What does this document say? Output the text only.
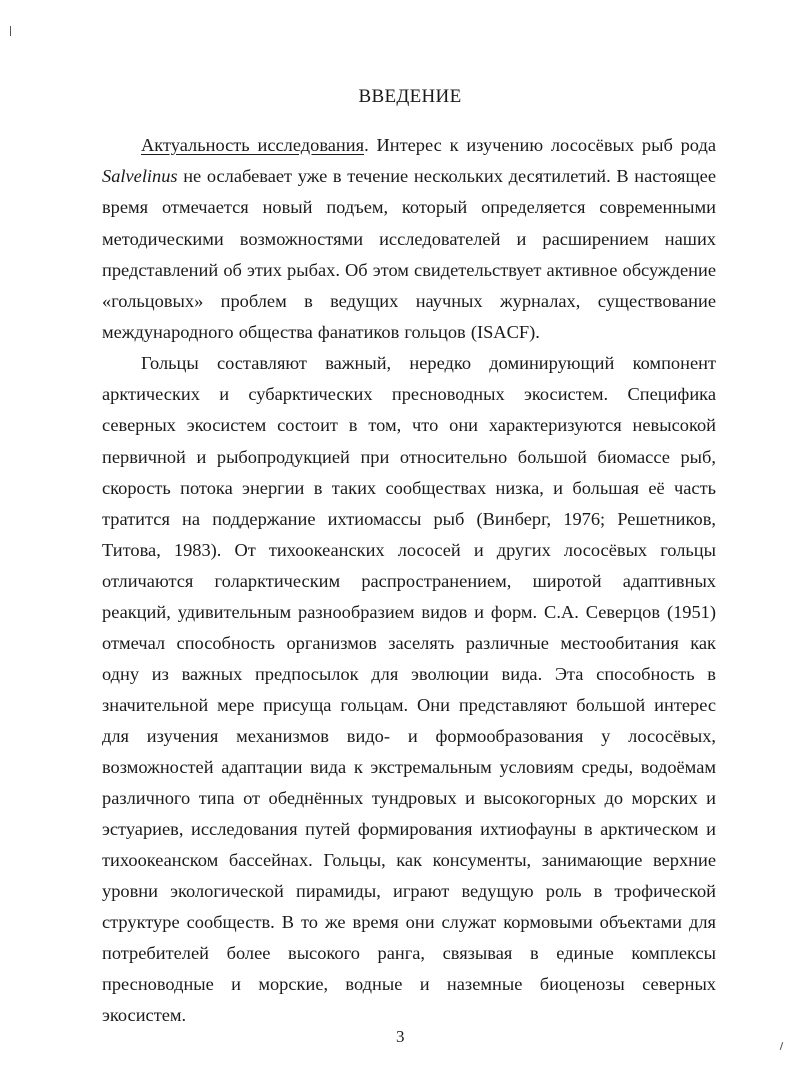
ВВЕДЕНИЕ
Актуальность исследования. Интерес к изучению лососёвых рыб рода
Salvelinus не ослабевает уже в течение нескольких десятилетий. В настоящее
время отмечается новый подъем, который определяется современными
методическими возможностями исследователей и расширением наших
представлений об этих рыбах. Об этом свидетельствует активное обсуждение
«гольцовых» проблем в ведущих научных журналах, существование
международного общества фанатиков гольцов (ISACF).
Гольцы составляют важный, нередко доминирующий компонент
арктических и субарктических пресноводных экосистем. Специфика
северных экосистем состоит в том, что они характеризуются невысокой
первичной и рыбопродукцией при относительно большой биомассе рыб,
скорость потока энергии в таких сообществах низка, и большая её часть
тратится на поддержание ихтиомассы рыб (Винберг, 1976; Решетников,
Титова, 1983). От тихоокеанских лососей и других лососёвых гольцы
отличаются голарктическим распространением, широтой адаптивных
реакций, удивительным разнообразием видов и форм. С.А. Северцов (1951)
отмечал способность организмов заселять различные местообитания как
одну из важных предпосылок для эволюции вида. Эта способность в
значительной мере присуща гольцам. Они представляют большой интерес
для изучения механизмов видо- и формообразования у лососёвых,
возможностей адаптации вида к экстремальным условиям среды, водоёмам
различного типа от обеднённых тундровых и высокогорных до морских и
эстуариев, исследования путей формирования ихтиофауны в арктическом и
тихоокеанском бассейнах. Гольцы, как консументы, занимающие верхние
уровни экологической пирамиды, играют ведущую роль в трофической
структуре сообществ. В то же время они служат кормовыми объектами для
потребителей более высокого ранга, связывая в единые комплексы
пресноводные и морские, водные и наземные биоценозы северных
экосистем.
3
